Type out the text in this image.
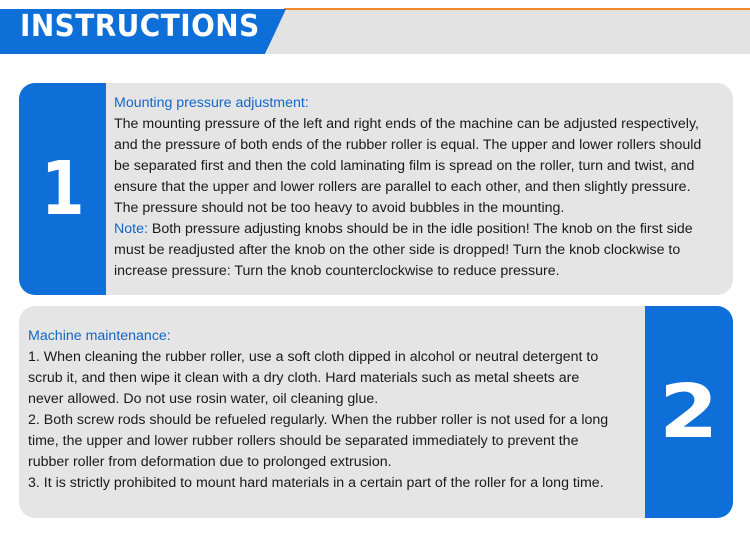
INSTRUCTIONS
1
Mounting pressure adjustment:
The mounting pressure of the left and right ends of the machine can be adjusted respectively,
and the pressure of both ends of the rubber roller is equal. The upper and lower rollers should
be separated first and then the cold laminating film is spread on the roller, turn and twist, and
ensure that the upper and lower rollers are parallel to each other, and then slightly pressure.
The pressure should not be too heavy to avoid bubbles in the mounting.
Note: Both pressure adjusting knobs should be in the idle position! The knob on the first side
must be readjusted after the knob on the other side is dropped! Turn the knob clockwise to
increase pressure: Turn the knob counterclockwise to reduce pressure.
Machine maintenance:
1. When cleaning the rubber roller, use a soft cloth dipped in alcohol or neutral detergent to
scrub it, and then wipe it clean with a dry cloth. Hard materials such as metal sheets are
never allowed. Do not use rosin water, oil cleaning glue.
2. Both screw rods should be refueled regularly. When the rubber roller is not used for a long
time, the upper and lower rubber rollers should be separated immediately to prevent the
rubber roller from deformation due to prolonged extrusion.
3. It is strictly prohibited to mount hard materials in a certain part of the roller for a long time.
2
